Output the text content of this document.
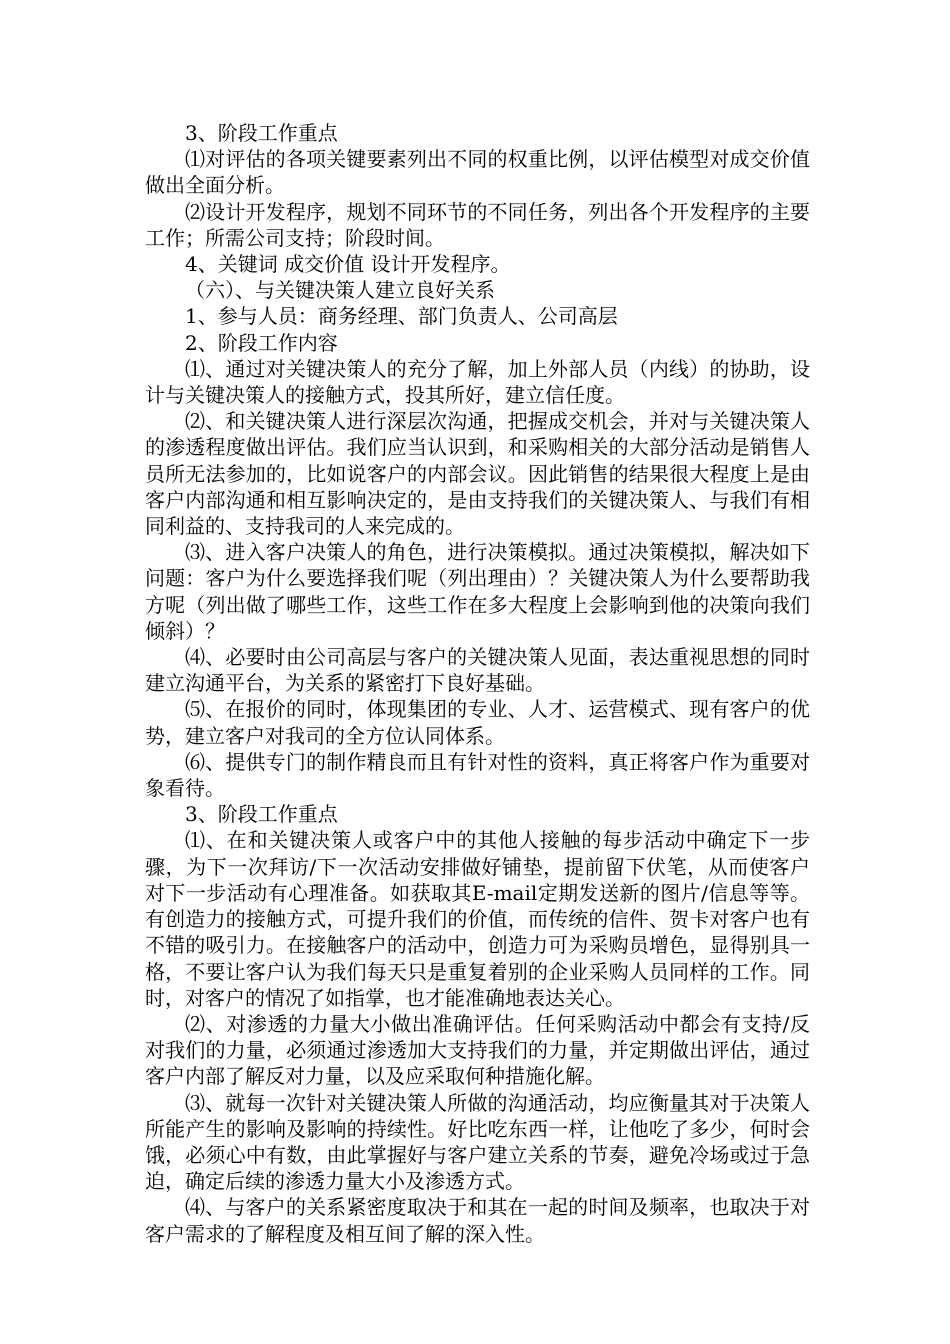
3、阶段工作重点

⑴对评估的各项关键要素列出不同的权重比例，以评估模型对成交价值做出全面分析。

⑵设计开发程序，规划不同环节的不同任务，列出各个开发程序的主要工作；所需公司支持；阶段时间。

4、关键词 成交价值 设计开发程序。

（六）、与关键决策人建立良好关系

1、参与人员：商务经理、部门负责人、公司高层

2、阶段工作内容

⑴、通过对关键决策人的充分了解，加上外部人员（内线）的协助，设计与关键决策人的接触方式，投其所好，建立信任度。

⑵、和关键决策人进行深层次沟通，把握成交机会，并对与关键决策人的渗透程度做出评估。我们应当认识到，和采购相关的大部分活动是销售人员所无法参加的，比如说客户的内部会议。因此销售的结果很大程度上是由客户内部沟通和相互影响决定的，是由支持我们的关键决策人、与我们有相同利益的、支持我司的人来完成的。

⑶、进入客户决策人的角色，进行决策模拟。通过决策模拟，解决如下问题：客户为什么要选择我们呢（列出理由）？关键决策人为什么要帮助我方呢（列出做了哪些工作，这些工作在多大程度上会影响到他的决策向我们倾斜）？

⑷、必要时由公司高层与客户的关键决策人见面，表达重视思想的同时建立沟通平台，为关系的紧密打下良好基础。

⑸、在报价的同时，体现集团的专业、人才、运营模式、现有客户的优势，建立客户对我司的全方位认同体系。

⑹、提供专门的制作精良而且有针对性的资料，真正将客户作为重要对象看待。

3、阶段工作重点

⑴、在和关键决策人或客户中的其他人接触的每步活动中确定下一步骤，为下一次拜访/下一次活动安排做好铺垫，提前留下伏笔，从而使客户对下一步活动有心理准备。如获取其E-mail定期发送新的图片/信息等等。有创造力的接触方式，可提升我们的价值，而传统的信件、贺卡对客户也有不错的吸引力。在接触客户的活动中，创造力可为采购员增色，显得别具一格，不要让客户认为我们每天只是重复着别的企业采购人员同样的工作。同时，对客户的情况了如指掌，也才能准确地表达关心。

⑵、对渗透的力量大小做出准确评估。任何采购活动中都会有支持/反对我们的力量，必须通过渗透加大支持我们的力量，并定期做出评估，通过客户内部了解反对力量，以及应采取何种措施化解。

⑶、就每一次针对关键决策人所做的沟通活动，均应衡量其对于决策人所能产生的影响及影响的持续性。好比吃东西一样，让他吃了多少，何时会饿，必须心中有数，由此掌握好与客户建立关系的节奏，避免冷场或过于急迫，确定后续的渗透力量大小及渗透方式。

⑷、与客户的关系紧密度取决于和其在一起的时间及频率，也取决于对客户需求的了解程度及相互间了解的深入性。
